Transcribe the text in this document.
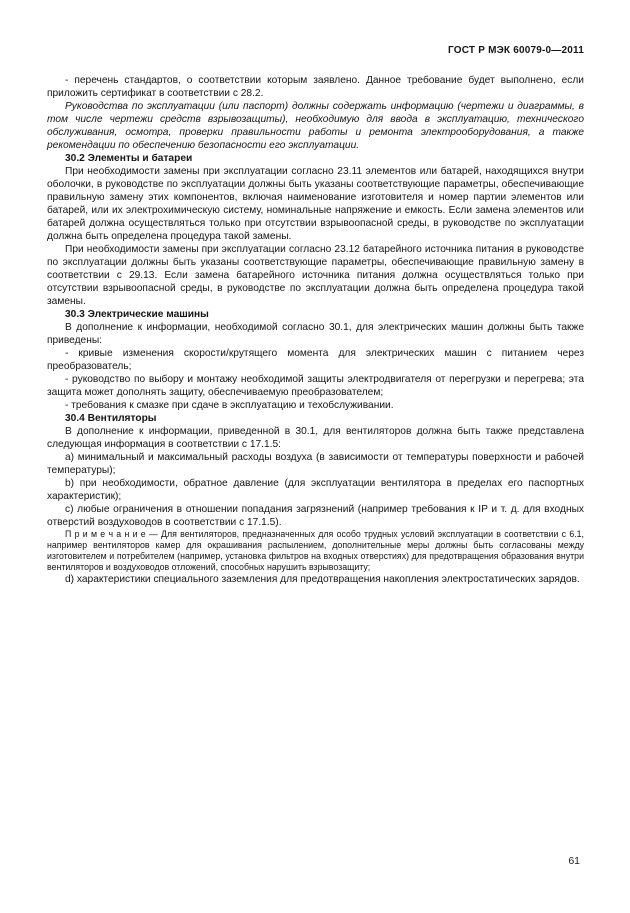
ГОСТ Р МЭК 60079-0—2011

- перечень стандартов, о соответствии которым заявлено. Данное требование будет выполнено, если приложить сертификат в соответствии с 28.2.

Руководства по эксплуатации (или паспорт) должны содержать информацию (чертежи и диаграммы, в том числе чертежи средств взрывозащиты), необходимую для ввода в эксплуатацию, технического обслуживания, осмотра, проверки правильности работы и ремонта электрооборудования, а также рекомендации по обеспечению безопасности его эксплуатации.

30.2 Элементы и батареи

При необходимости замены при эксплуатации согласно 23.11 элементов или батарей, находящихся внутри оболочки, в руководстве по эксплуатации должны быть указаны соответствующие параметры, обеспечивающие правильную замену этих компонентов, включая наименование изготовителя и номер партии элементов или батарей, или их электрохимическую систему, номинальные напряжение и емкость. Если замена элементов или батарей должна осуществляться только при отсутствии взрывоопасной среды, в руководстве по эксплуатации должна быть определена процедура такой замены.

При необходимости замены при эксплуатации согласно 23.12 батарейного источника питания в руководстве по эксплуатации должны быть указаны соответствующие параметры, обеспечивающие правильную замену в соответствии с 29.13. Если замена батарейного источника питания должна осуществляться только при отсутствии взрывоопасной среды, в руководстве по эксплуатации должна быть определена процедура такой замены.

30.3 Электрические машины

В дополнение к информации, необходимой согласно 30.1, для электрических машин должны быть также приведены:

- кривые изменения скорости/крутящего момента для электрических машин с питанием через преобразователь;

- руководство по выбору и монтажу необходимой защиты электродвигателя от перегрузки и перегрева; эта защита может дополнять защиту, обеспечиваемую преобразователем;

- требования к смазке при сдаче в эксплуатацию и техобслуживании.

30.4 Вентиляторы

В дополнение к информации, приведенной в 30.1, для вентиляторов должна быть также представлена следующая информация в соответствии с 17.1.5:

a) минимальный и максимальный расходы воздуха (в зависимости от температуры поверхности и рабочей температуры);

b) при необходимости, обратное давление (для эксплуатации вентилятора в пределах его паспортных характеристик);

с) любые ограничения в отношении попадания загрязнений (например требования к IP и т. д. для входных отверстий воздуховодов в соответствии с 17.1.5).

П р и м е ч а н и е — Для вентиляторов, предназначенных для особо трудных условий эксплуатации в соответствии с 6.1, например вентиляторов камер для окрашивания распылением, дополнительные меры должны быть согласованы между изготовителем и потребителем (например, установка фильтров на входных отверстиях) для предотвращения образования внутри вентиляторов и воздуховодов отложений, способных нарушить взрывозащиту;

d) характеристики специального заземления для предотвращения накопления электростатических зарядов.

61
